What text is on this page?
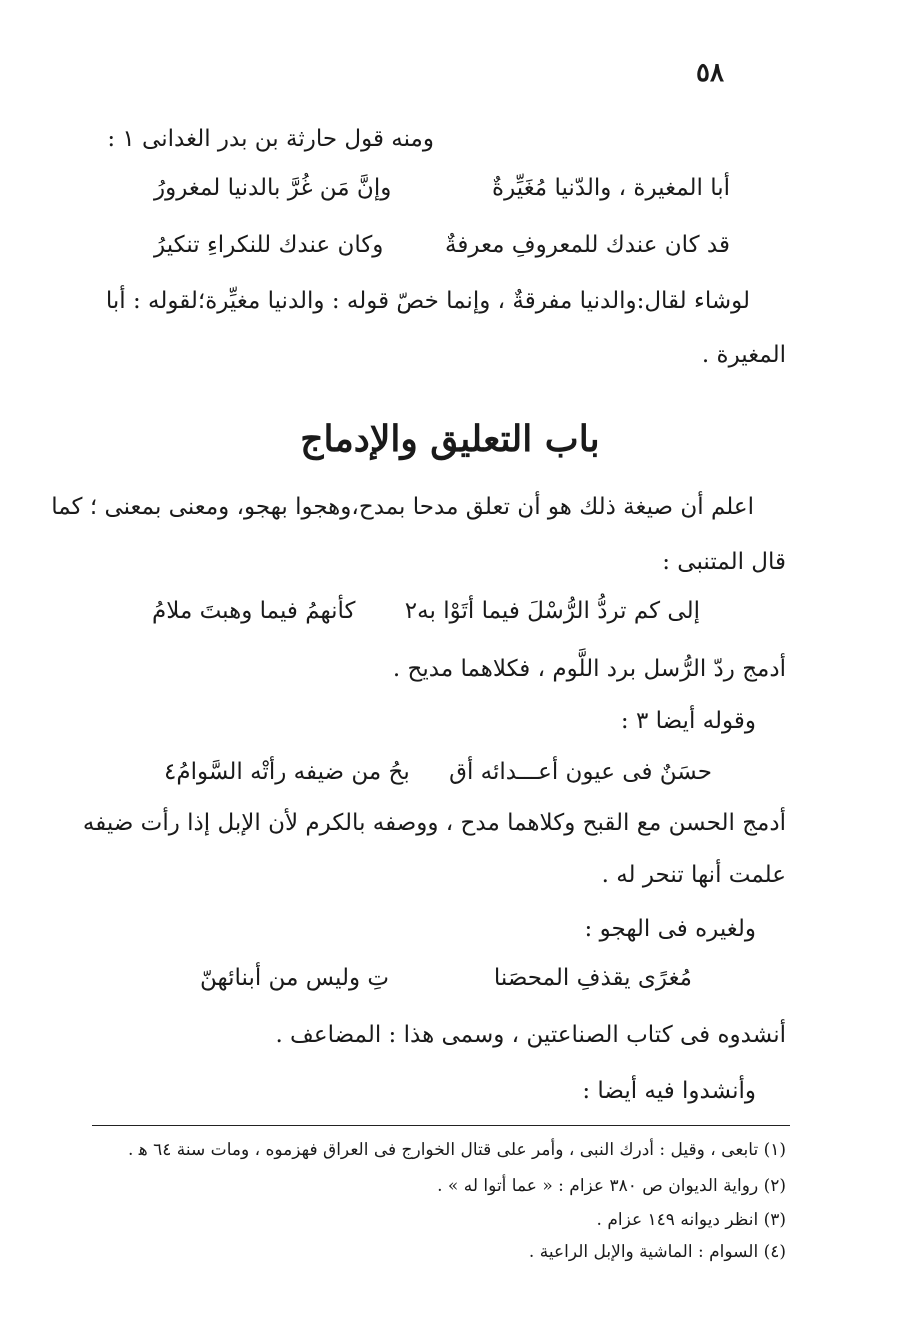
٥٨
ومنه قول حارثة بن بدر الغدانى ١ :
أبا المغيرة ، والدّنيا مُغَيِّرةٌ
وإنَّ مَن غُرَّ بالدنيا لمغرورُ
قد كان عندك للمعروفِ معرفةٌ
وكان عندك للنكراءِ تنكيرُ
لوشاء لقال:والدنيا مفرقةٌ ، وإنما خصّ قوله : والدنيا مغيِّرة؛لقوله : أبا
المغيرة .
باب التعليق والإدماج
اعلم أن صيغة ذلك هو أن تعلق مدحا بمدح،وهجوا بهجو، ومعنى بمعنى ؛ كما
قال المتنبى :
إلى كم تردُّ الرُّسْلَ فيما أتَوْا به٢
كأنهمُ فيما وهبتَ ملامُ
أدمج ردّ الرُّسل برد اللَّوم ، فكلاهما مديح .
وقوله أيضا ٣ :
حسَنٌ فى عيون أعـــدائه أق
بحُ من ضيفه رأتْه السَّوامُ٤
أدمج الحسن مع القبح وكلاهما مدح ، ووصفه بالكرم لأن الإبل إذا رأت ضيفه
علمت أنها تنحر له .
ولغيره فى الهجو :
مُغرًى يقذفِ المحصَنا
تِ وليس من أبنائهنّ
أنشدوه فى كتاب الصناعتين ، وسمى هذا : المضاعف .
وأنشدوا فيه أيضا :
(١) تابعى ، وقيل : أدرك النبى ، وأمر على قتال الخوارج فى العراق فهزموه ، ومات سنة ٦٤ ﻫ .
(٢) رواية الديوان ص ٣٨٠ عزام : « عما أتوا له » .
(٣) انظر ديوانه ١٤٩ عزام .
(٤) السوام : الماشية والإبل الراعية .
